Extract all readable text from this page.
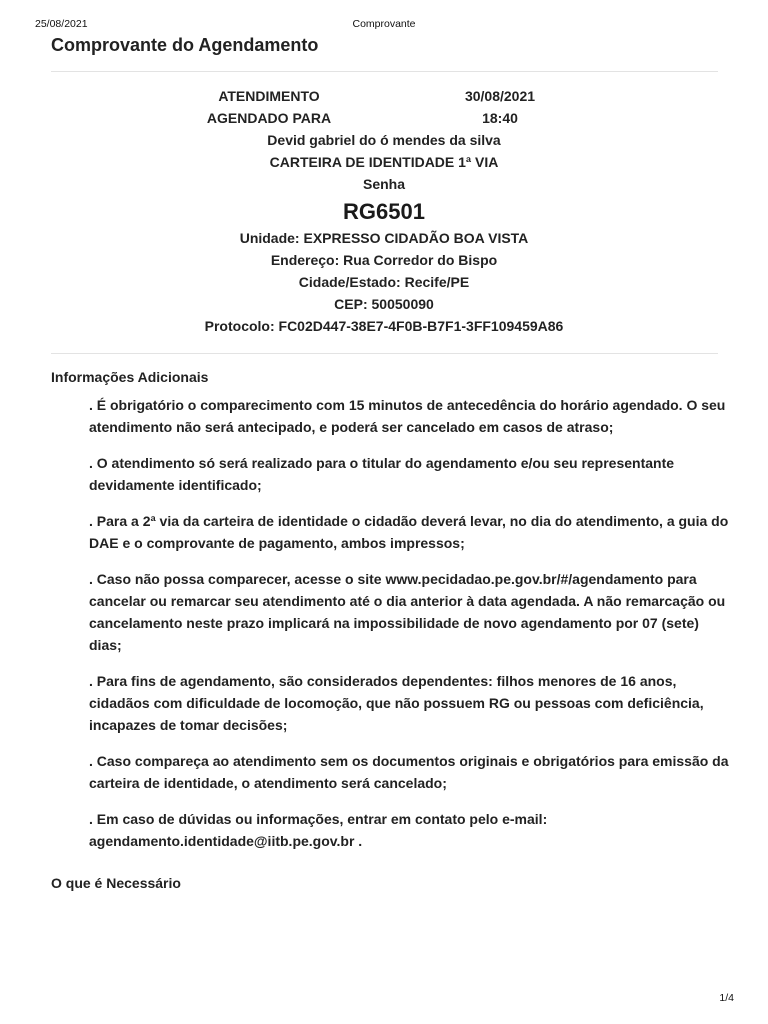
25/08/2021	Comprovante
Comprovante do Agendamento
ATENDIMENTO	30/08/2021
AGENDADO PARA	18:40
Devid gabriel do ó mendes da silva
CARTEIRA DE IDENTIDADE 1ª VIA
Senha
RG6501
Unidade: EXPRESSO CIDADÃO BOA VISTA
Endereço: Rua Corredor do Bispo
Cidade/Estado: Recife/PE
CEP: 50050090
Protocolo: FC02D447-38E7-4F0B-B7F1-3FF109459A86
Informações Adicionais
. É obrigatório o comparecimento com 15 minutos de antecedência do horário agendado. O seu atendimento não será antecipado, e poderá ser cancelado em casos de atraso;
. O atendimento só será realizado para o titular do agendamento e/ou seu representante devidamente identificado;
. Para a 2ª via da carteira de identidade o cidadão deverá levar, no dia do atendimento, a guia do DAE e o comprovante de pagamento, ambos impressos;
. Caso não possa comparecer, acesse o site www.pecidadao.pe.gov.br/#/agendamento para cancelar ou remarcar seu atendimento até o dia anterior à data agendada. A não remarcação ou cancelamento neste prazo implicará na impossibilidade de novo agendamento por 07 (sete) dias;
. Para fins de agendamento, são considerados dependentes: filhos menores de 16 anos, cidadãos com dificuldade de locomoção, que não possuem RG ou pessoas com deficiência, incapazes de tomar decisões;
. Caso compareça ao atendimento sem os documentos originais e obrigatórios para emissão da carteira de identidade, o atendimento será cancelado;
. Em caso de dúvidas ou informações, entrar em contato pelo e-mail: agendamento.identidade@iitb.pe.gov.br .
O que é Necessário
1/4
